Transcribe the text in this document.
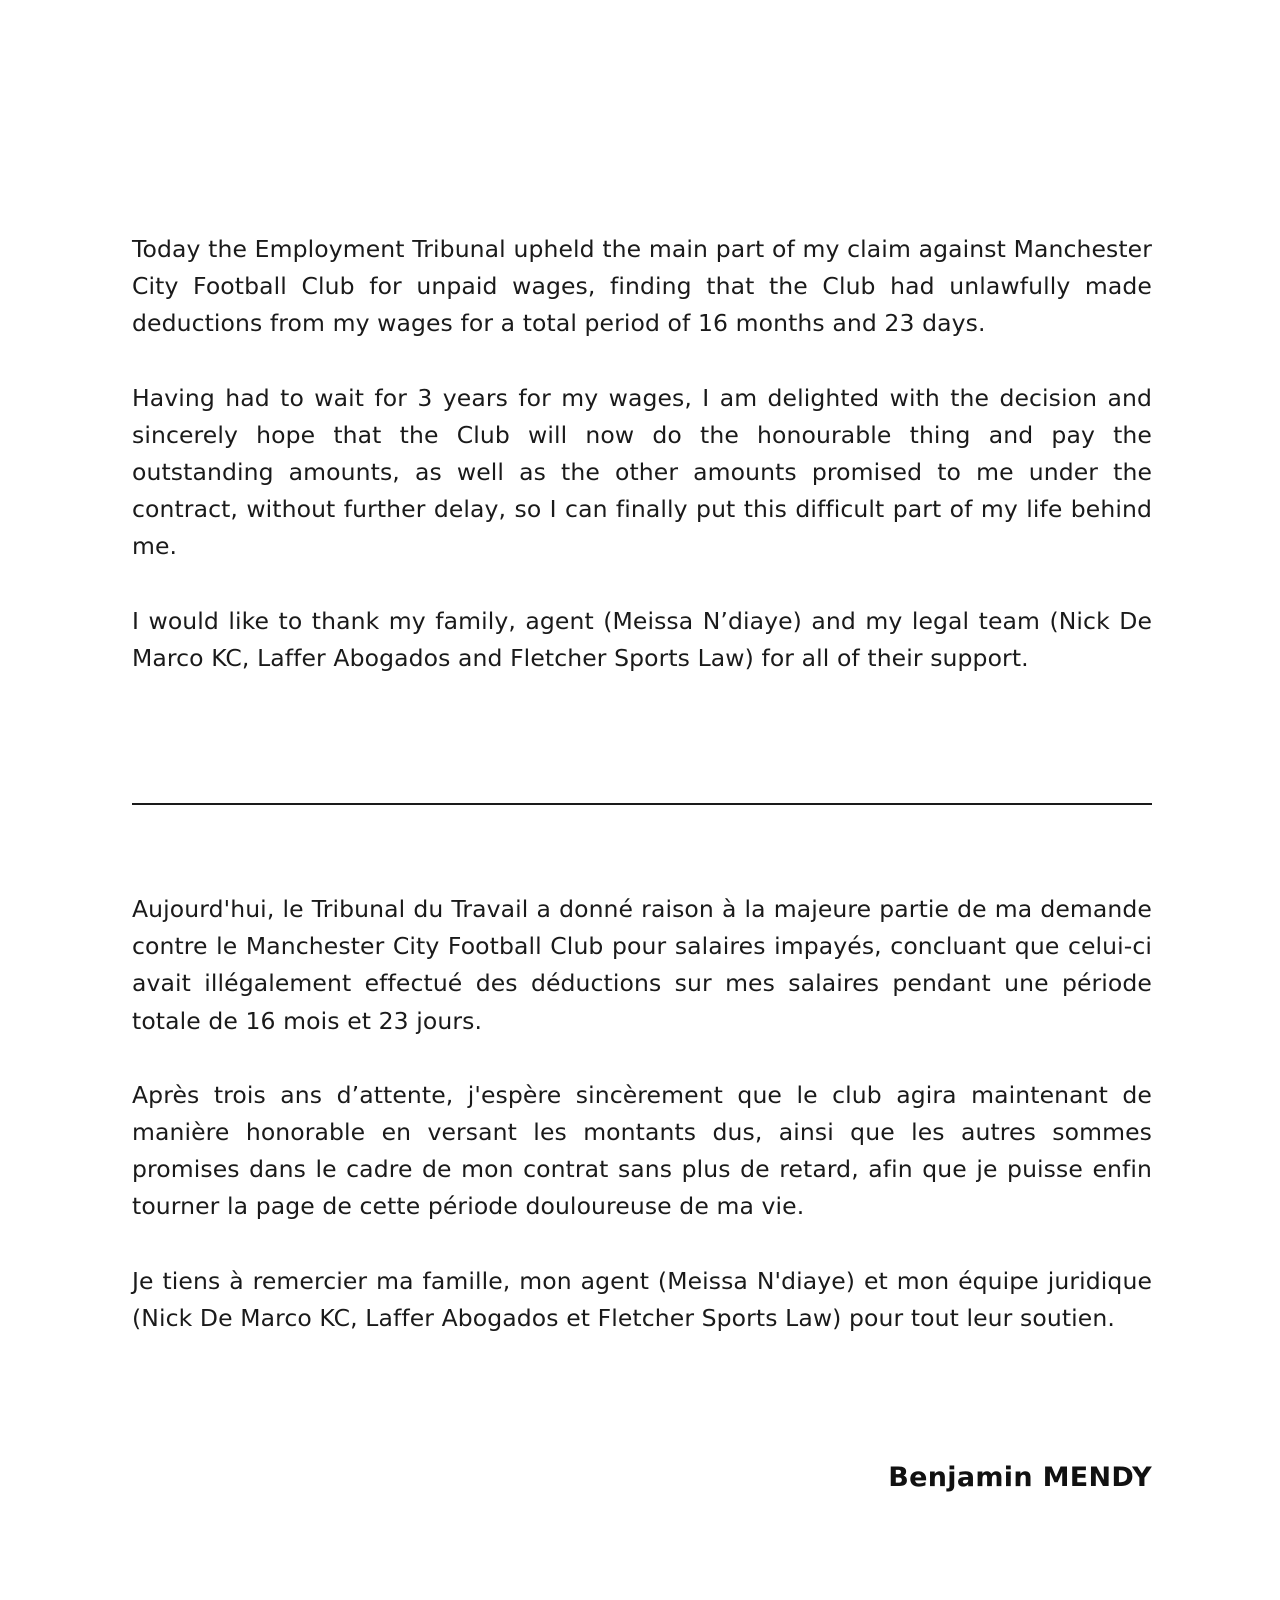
Today the Employment Tribunal upheld the main part of my claim against Manchester City Football Club for unpaid wages, finding that the Club had unlawfully made deductions from my wages for a total period of 16 months and 23 days.

Having had to wait for 3 years for my wages, I am delighted with the decision and sincerely hope that the Club will now do the honourable thing and pay the outstanding amounts, as well as the other amounts promised to me under the contract, without further delay, so I can finally put this difficult part of my life behind me.

I would like to thank my family, agent (Meissa N’diaye) and my legal team (Nick De Marco KC, Laffer Abogados and Fletcher Sports Law) for all of their support.

Aujourd'hui, le Tribunal du Travail a donné raison à la majeure partie de ma demande contre le Manchester City Football Club pour salaires impayés, concluant que celui-ci avait illégalement effectué des déductions sur mes salaires pendant une période totale de 16 mois et 23 jours.

Après trois ans d’attente, j'espère sincèrement que le club agira maintenant de manière honorable en versant les montants dus, ainsi que les autres sommes promises dans le cadre de mon contrat sans plus de retard, afin que je puisse enfin tourner la page de cette période douloureuse de ma vie.

Je tiens à remercier ma famille, mon agent (Meissa N'diaye) et mon équipe juridique (Nick De Marco KC, Laffer Abogados et Fletcher Sports Law) pour tout leur soutien.

Benjamin MENDY
